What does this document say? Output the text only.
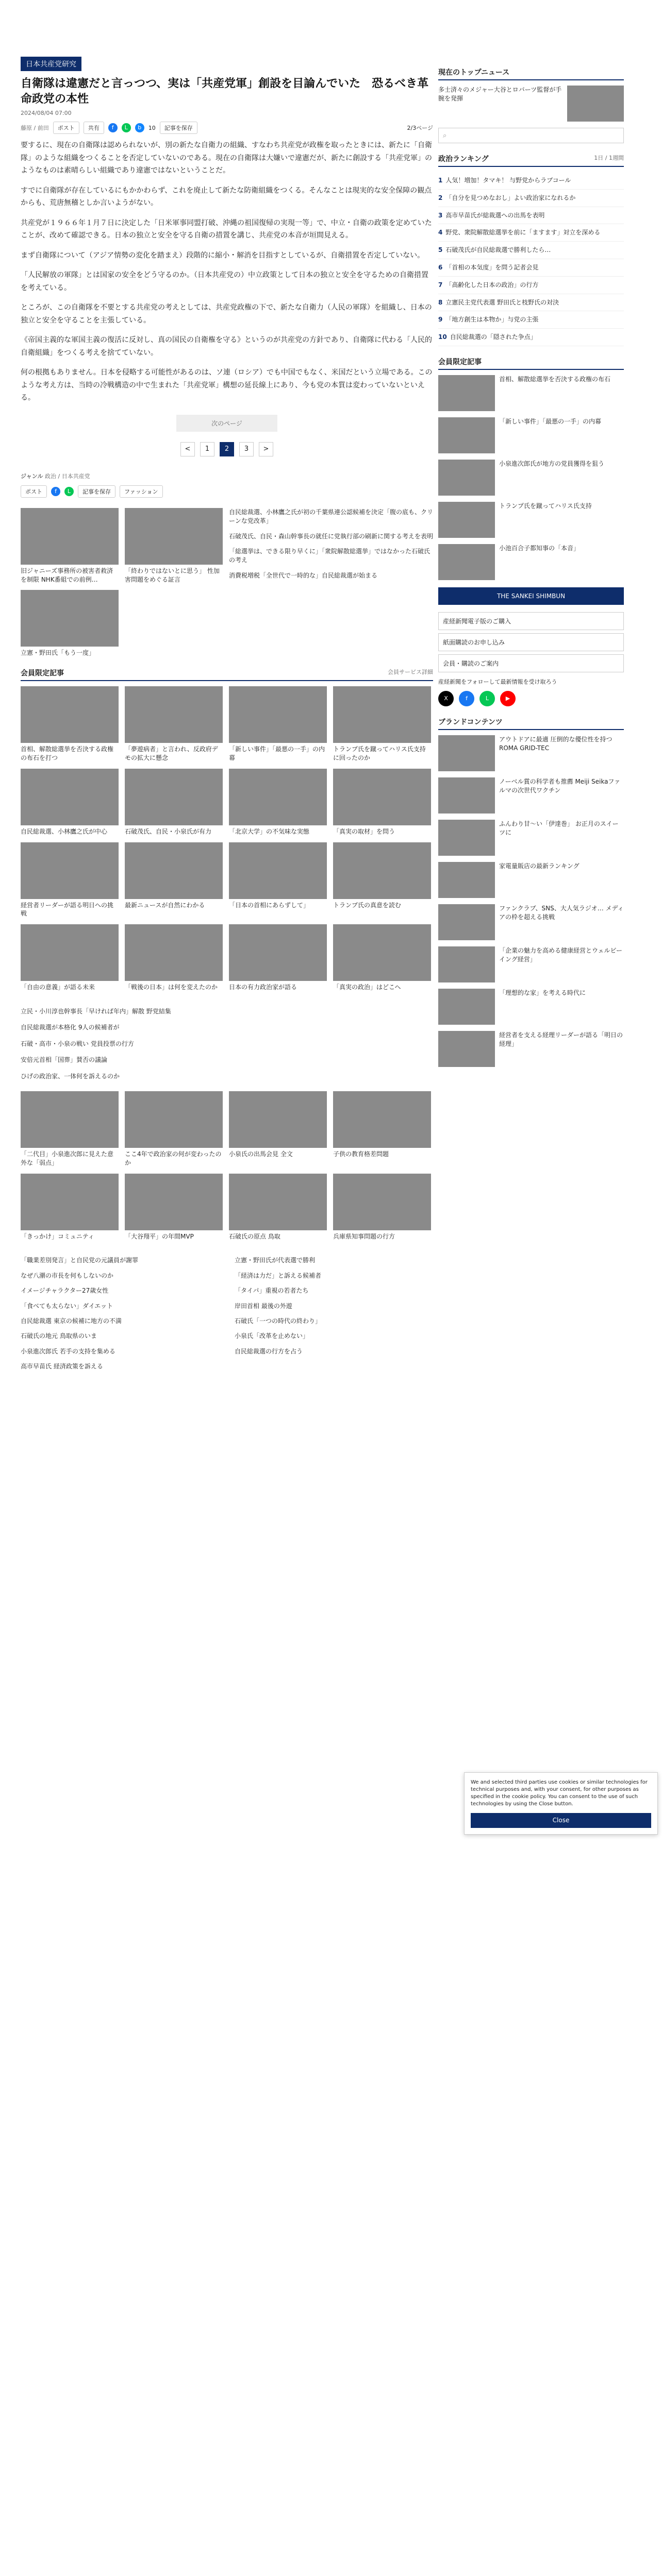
日本共産党研究
自衛隊は違憲だと言っつつ、実は「共産党軍」創設を目論んでいた　恐るべき革命政党の本性
2024/08/04 07:00
藤原 / 前田	ポスト	共有	f	L	b	10	記事を保存	2/3ページ

要するに、現在の自衛隊は認められないが、別の新たな自衛力の組織、すなわち共産党が政権を取ったときには、新たに「自衛隊」のような組織をつくることを否定していないのである。現在の自衛隊は大嫌いで違憲だが、新たに創設する「共産党軍」のようなものは素晴らしい組織であり違憲ではないということだ。

すでに自衛隊が存在しているにもかかわらず、これを廃止して新たな防衛組織をつくる。そんなことは現実的な安全保障の観点からも、荒唐無稽としか言いようがない。

共産党が１９６６年１月７日に決定した「日米軍事同盟打破、沖縄の祖国復帰の実現一等」で、中立・自衛の政策を定めていたことが、改めて確認できる。日本の独立と安全を守る自衛の措置を講じ、共産党の本音が垣間見える。

まず自衛隊について（アジア情勢の変化を踏まえ）段階的に縮小・解消を目指すとしているが、自衛措置を否定していない。

「人民解放の軍隊」とは国家の安全をどう守るのか。（日本共産党の）中立政策として日本の独立と安全を守るための自衛措置を考えている。

ところが、この自衛隊を不要とする共産党の考えとしては、共産党政権の下で、新たな自衛力（人民の軍隊）を組織し、日本の独立と安全を守ることを主張している。

《帝国主義的な軍国主義の復活に反対し、真の国民の自衛権を守る》というのが共産党の方針であり、自衛隊に代わる「人民的自衛組織」をつくる考えを捨てていない。

何の根拠もありません。日本を侵略する可能性があるのは、ソ連（ロシア）でも中国でもなく、米国だという立場である。このような考え方は、当時の冷戦構造の中で生まれた「共産党軍」構想の延長線上にあり、今も党の本質は変わっていないといえる。

次のページ
<	1	2	3	>
ジャンル 政治 / 日本共産党
ポスト	f	L	記事を保存	ファッション
旧ジャニーズ事務所の被害者救済を制限 NHK番組での前例…
立憲・野田氏「もう一度」
「終わりではないとに思う」 性加害問題をめぐる証言
自民総裁選、小林鷹之氏が初の千葉県連公認候補を決定「腹の底も、クリーンな党改革」
石破茂氏、自民・森山幹事長の就任に党執行部の刷新に関する考えを表明
「総選挙は、できる限り早くに」「衆院解散総選挙」ではなかった石破氏の考え
消費税増税「全世代で一時的な」自民総裁選が始まる
会員限定記事	会員サービス詳細
首相、解散総選挙を否決する政権の布石を打つ
「夢遊病者」と言われ、反政府デモの拡大に懸念
「新しい事件」「最悪の一手」の内幕
トランプ氏を蹴ってハリス氏支持に回ったのか
自民総裁選、小林鷹之氏が中心	石破茂氏、自民・小泉氏が有力	「北京大学」の不気味な実態	「真実の取材」を問う
経営者リーダーが語る明日への挑戦
最新ニュースが自然にわかる	「日本の首相にあらずして」	トランプ氏の真意を読む
「自由の意義」が語る未来	「戦後の日本」は何を変えたのか	日本の有力政治家が語る	「真実の政治」はどこへ
立民・小川淳也幹事長「早ければ年内」解散 野党結集
自民総裁選が本格化 9人の候補者が
石破・高市・小泉の戦い 党員投票の行方
安倍元首相「国葬」賛否の議論
ひげの政治家、一体何を訴えるのか
「二代目」小泉進次郎に見えた意外な「弱点」
ここ4年で政治家の何が変わったのか
小泉氏の出馬会見 全文	子供の教育格差問題
「きっかけ」コミュニティ	「大谷翔平」の年間MVP	石破氏の原点 鳥取	兵庫県知事問題の行方
「職業差別発言」と自民党の元議員が謝罪
なぜ八潮の市長を何もしないのか
イメージチャラクター27歳女性
「食べても太らない」ダイエット
自民総裁選 東京の候補に地方の不満
石破氏の地元 鳥取県のいま
小泉進次郎氏 若手の支持を集める
高市早苗氏 経済政策を訴える
立憲・野田氏が代表選で勝利
「経済は力だ」と訴える候補者
「タイパ」重視の若者たち
岸田首相 最後の外遊
石破氏「一つの時代の終わり」
小泉氏「改革を止めない」
自民総裁選の行方を占う
現在のトップニュース
多士済々のメジャー大谷とロバーツ監督が手腕を発揮
⌕
政治ランキング	1日 / 1週間
1 人気！増加！タマキ！ 与野党からラブコール
2 「自分を見つめなおし」よい政治家になれるか
3 高市早苗氏が総裁選への出馬を表明
4 野党、衆院解散総選挙を前に「ますます」対立を深める
5 石破茂氏が自民総裁選で勝利したら…
6 「首相の本気度」を問う記者会見
7 「高齢化した日本の政治」の行方
8 立憲民主党代表選 野田氏と枝野氏の対決
9 「地方創生は本物か」与党の主張
10 自民総裁選の「隠された争点」
会員限定記事
首相、解散総選挙を否決する政権の布石
「新しい事件」「最悪の一手」の内幕
小泉進次郎氏が地方の党員獲得を狙う
トランプ氏を蹴ってハリス氏支持
小池百合子都知事の「本音」
THE SANKEI SHIMBUN
産経新聞電子版のご購入
紙面購読のお申し込み
会員・購読のご案内
産経新聞をフォローして最新情報を受け取ろう
X	f	L	▶
ブランドコンテンツ
アウトドアに最適 圧倒的な優位性を持つ ROMA GRID-TEC
ノーベル賞の科学者も推薦 Meiji Seikaファルマの次世代ワクチン
ふんわり甘〜い「伊達巻」 お正月のスイーツに
家電量販店の最新ランキング
ファンクラブ、SNS、大人気ラジオ… メディアの枠を超える挑戦
「企業の魅力を高める健康経営とウェルビーイング経営」
「理想的な家」を考える時代に
経営者を支える経理リーダーが語る「明日の経理」
We and selected third parties use cookies or similar technologies for technical purposes and, with your consent, for other purposes as specified in the cookie policy. You can consent to the use of such technologies by using the Close button.
Close
